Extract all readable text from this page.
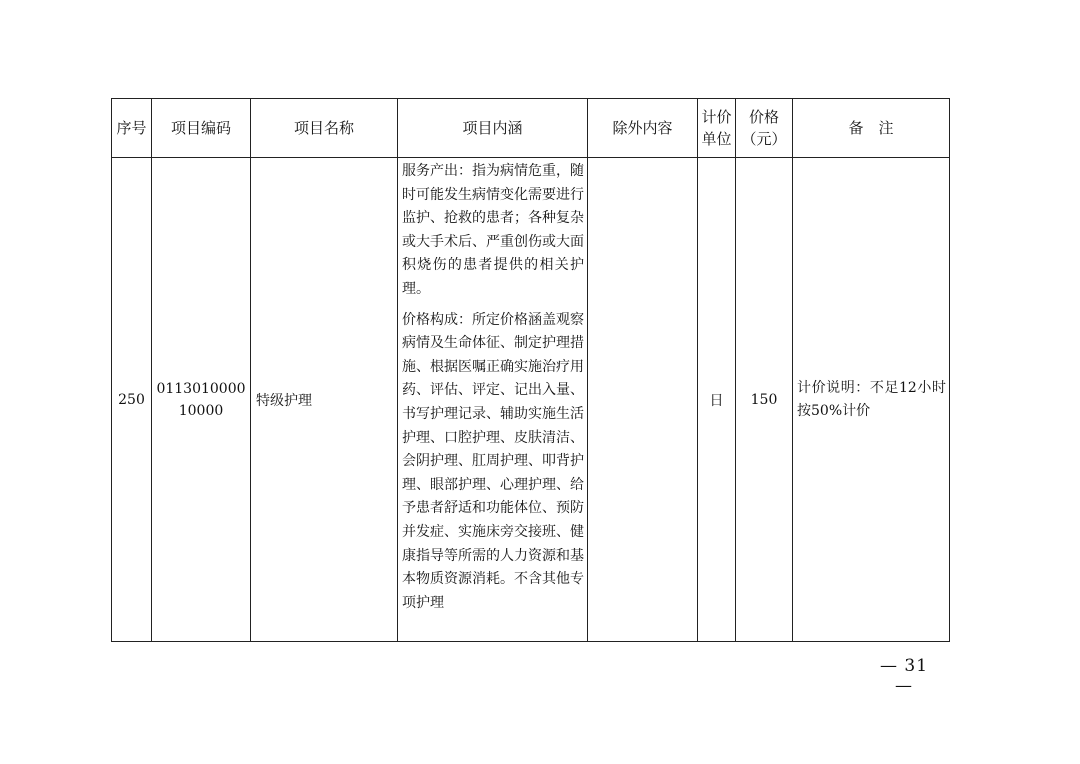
序号	项目编码	项目名称	项目内涵	除外内容	计价单位	价格（元）	备　注
250	011301000010000	特级护理	服务产出：指为病情危重，随时可能发生病情变化需要进行监护、抢救的患者；各种复杂或大手术后、严重创伤或大面积烧伤的患者提供的相关护理。

价格构成：所定价格涵盖观察病情及生命体征、制定护理措施、根据医嘱正确实施治疗用药、评估、评定、记出入量、书写护理记录、辅助实施生活护理、口腔护理、皮肤清洁、会阴护理、肛周护理、叩背护理、眼部护理、心理护理、给予患者舒适和功能体位、预防并发症、实施床旁交接班、健康指导等所需的人力资源和基本物质资源消耗。不含其他专项护理		日	150	计价说明：不足12小时按50%计价
— 31 —
